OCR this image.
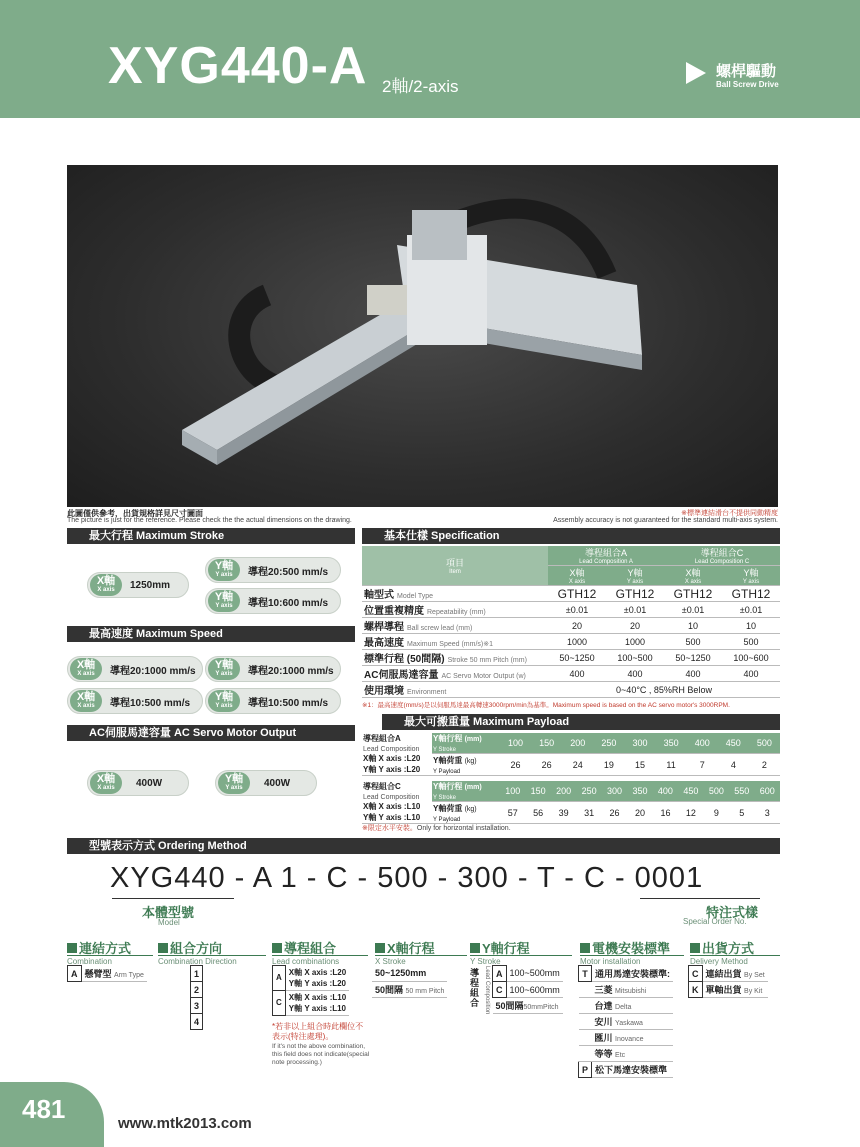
XYG440-A 2軸/2-axis
螺桿驅動
Ball Screw Drive
此圖僅供參考，出貨規格詳見尺寸圖面
The picture is just for the reference. Please check the the actual dimensions on the drawing.
※標準連結滑台不提供同動精度
Assembly accuracy is not guaranteed for the standard multi-axis system.
最大行程 Maximum Stroke
X軸
X axis 1250mm
Y軸
Y axis 導程20:500 mm/s
Y軸
Y axis 導程10:600 mm/s
最高速度 Maximum Speed
X軸
X axis 導程20:1000 mm/s Y軸
Y axis 導程20:1000 mm/s
X軸
X axis 導程10:500 mm/s Y軸
Y axis 導程10:500 mm/s
AC伺服馬達容量 AC Servo Motor Output
X軸
X axis 400W	Y軸
Y axis 400W
基本仕樣 Specification
項目
Item	導程組合A
Lead Composition A		導程組合C
Lead Composition C	

	X軸
X axis	Y軸
Y axis	X軸
X axis	Y軸
Y axis

軸型式 Model Type	GTH12	GTH12	GTH12	GTH12
位置重複精度 Repeatability (mm)	±0.01	±0.01	±0.01	±0.01
螺桿導程 Ball screw lead (mm)	20	20	10	10
最高速度 Maximum Speed (mm/s)※1	1000	1000	500	500
標準行程 (50間隔) Stroke 50 mm Pitch (mm)	50~1250	100~500	50~1250	100~600
AC伺服馬達容量 AC Servo Motor Output (w)	400	400	400	400
使用環境 Environment	0~40°C , 85%RH Below			
※1：最高速度(mm/s)是以伺服馬達最高轉速3000rpm/min為基準。Maximum speed is based on the AC servo motor's 3000RPM.
最大可搬重量 Maximum Payload
導程組合A
Lead Composition
X軸 X axis :L20
Y軸 Y axis :L20	Y軸行程 (mm)
Y Stroke	100	150	200	250	300	350	400	450	500
	Y軸荷重 (kg)
Y Payload	26	26	24	19	15	11	7	4	2
導程組合C
Lead Composition
X軸 X axis :L10
Y軸 Y axis :L10	Y軸行程 (mm)
Y Stroke	100	150	200	250	300	350	400	450	500	550	600
	Y軸荷重 (kg)
Y Payload	57	56	39	31	26	20	16	12	9	5	3
※限定水平安裝。Only for horizontal installation.
型號表示方式 Ordering Method
XYG440 - A 1 - C - 500 - 300 - T - C - 0001
本體型號
Model
特注式樣
Special Order No.
連結方式
Combination
A	懸臂型 Arm Type
組合方向
Combination Direction
1
2
3
4
導程組合
Lead combinations
A	X軸 X axis :L20
Y軸 Y axis :L20
C	X軸 X axis :L10
Y軸 Y axis :L10
*若非以上組合時此欄位不
表示(特注處理)。
If it's not the above combination,
this field does not indicate(special
note processing.)
X軸行程
X Stroke
50~1250mm
50間隔 50 mm Pitch
Y軸行程
Y Stroke
導程組合 Lead Composition A	100~500mm
C	100~600mm
50間隔50mmPitch	
電機安裝標準
Motor installation
T	通用馬達安裝標準:
	三菱 Mitsubishi
	台達 Delta
	安川 Yaskawa
	匯川 Inovance
	等等 Etc
P	松下馬達安裝標準
出貨方式
Delivery Method
C	連結出貨 By Set
K	單軸出貨 By Kit
481	www.mtk2013.com
